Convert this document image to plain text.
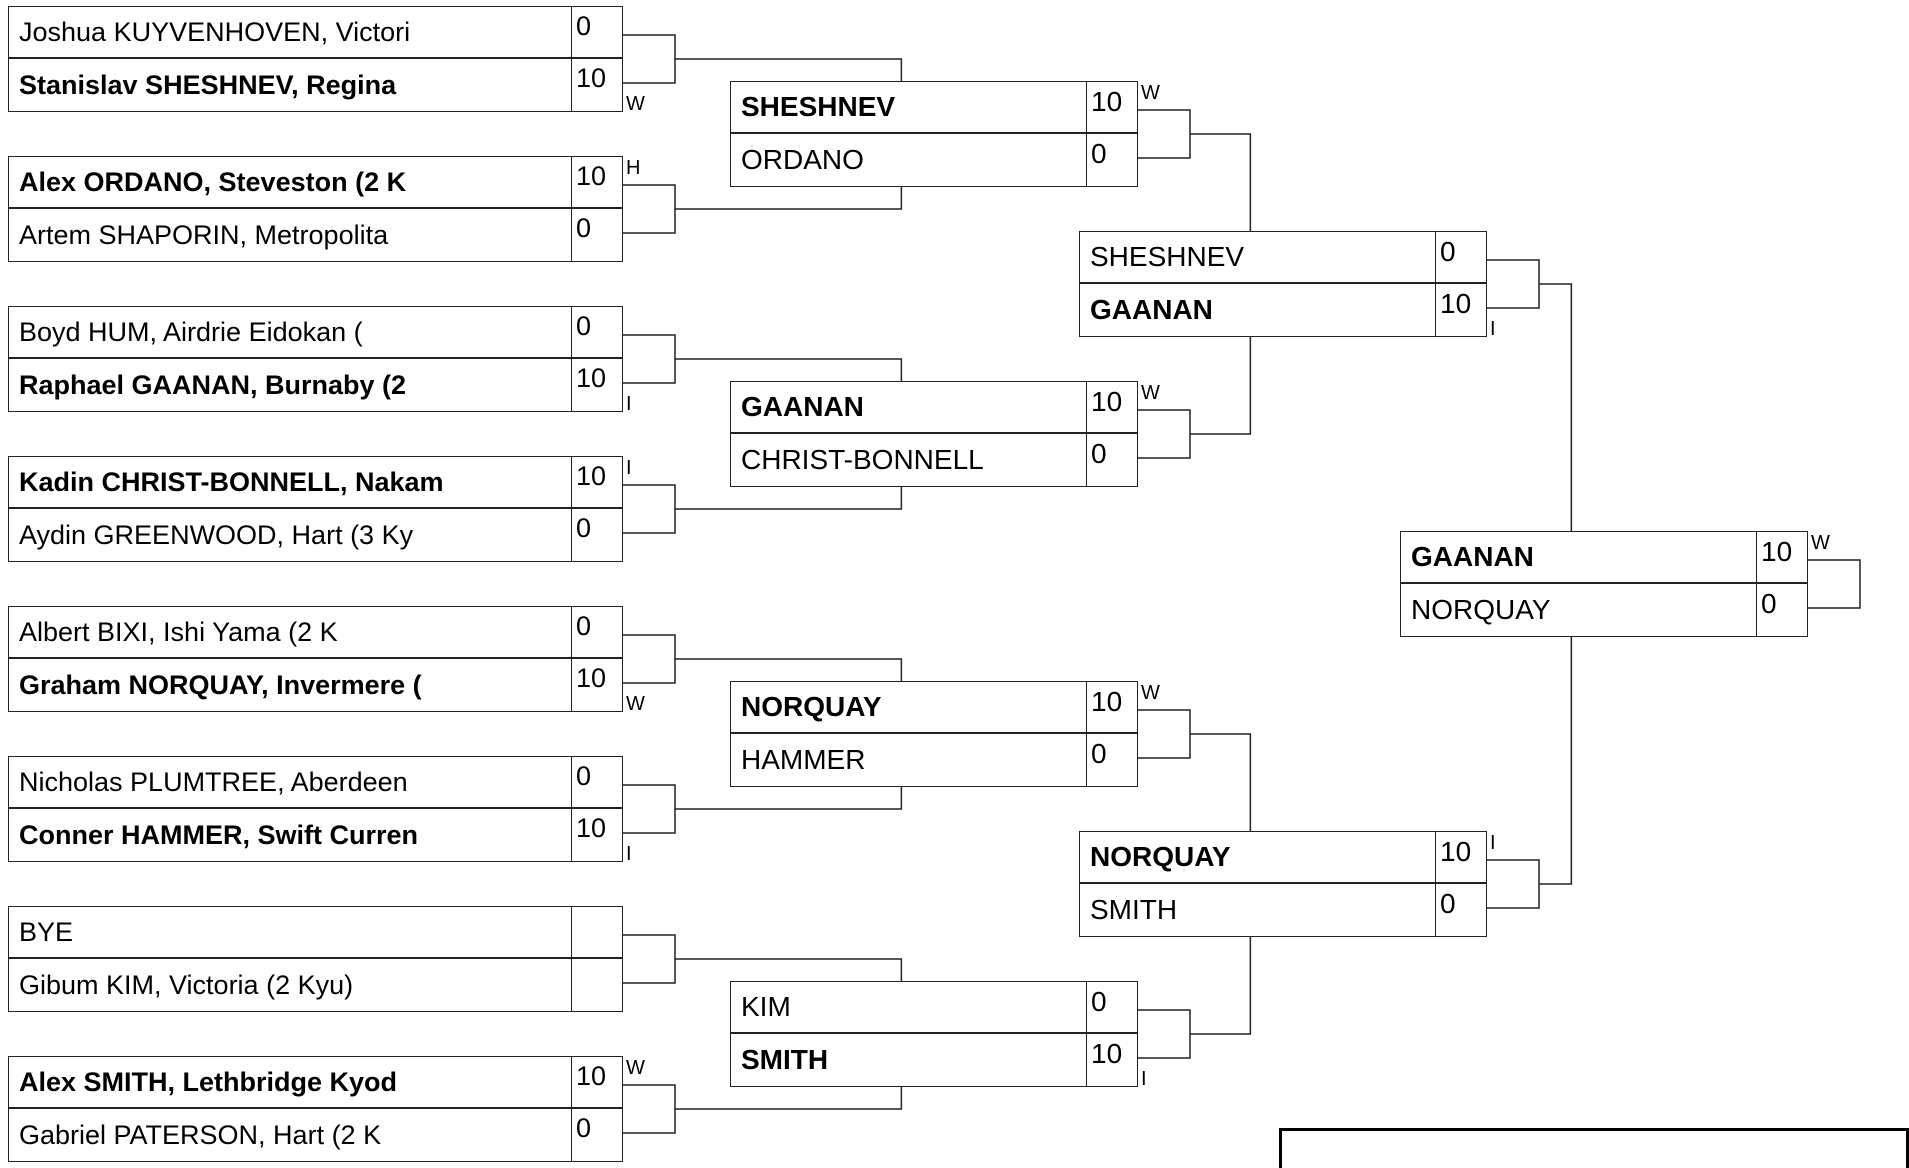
W
Joshua KUYVENHOVEN, Victori	0
Stanislav SHESHNEV, Regina	10
H
Alex ORDANO, Steveston (2 K	10
Artem SHAPORIN, Metropolita	0
I
Boyd HUM, Airdrie Eidokan (	0
Raphael GAANAN, Burnaby (2	10
I
Kadin CHRIST-BONNELL, Nakam	10
Aydin GREENWOOD, Hart (3 Ky	0
W
Albert BIXI, Ishi Yama (2 K	0
Graham NORQUAY, Invermere (	10
I
Nicholas PLUMTREE, Aberdeen	0
Conner HAMMER, Swift Curren	10
BYE
Gibum KIM, Victoria (2 Kyu)
W
Alex SMITH, Lethbridge Kyod	10
Gabriel PATERSON, Hart (2 K	0
W
SHESHNEV	10
ORDANO	0
W
GAANAN	10
CHRIST-BONNELL	0
W
NORQUAY	10
HAMMER	0
I
KIM	0
SMITH	10
I
SHESHNEV	0
GAANAN	10
I
NORQUAY	10
SMITH	0
W
GAANAN	10
NORQUAY	0
